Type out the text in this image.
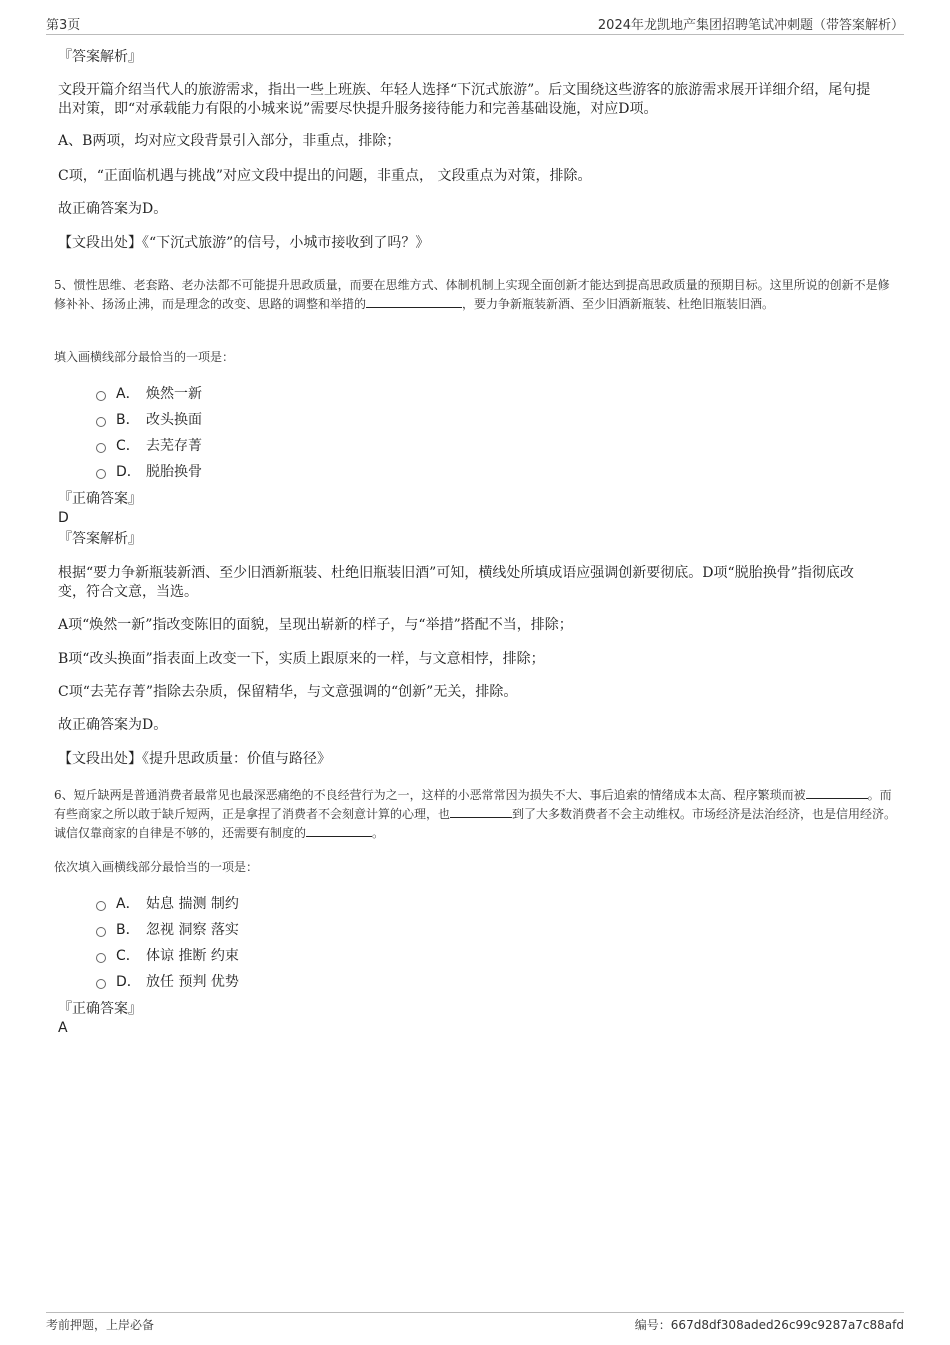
第3页	2024年龙凯地产集团招聘笔试冲刺题（带答案解析）
『答案解析』
文段开篇介绍当代人的旅游需求，指出一些上班族、年轻人选择“下沉式旅游”。后文围绕这些游客的旅游需求展开详细介绍，尾句提出对策，即“对承载能力有限的小城来说”需要尽快提升服务接待能力和完善基础设施，对应D项。
A、B两项，均对应文段背景引入部分，非重点，排除；
C项，“正面临机遇与挑战”对应文段中提出的问题，非重点， 文段重点为对策，排除。
故正确答案为D。
【文段出处】《“下沉式旅游”的信号，小城市接收到了吗？》
5、惯性思维、老套路、老办法都不可能提升思政质量，而要在思维方式、体制机制上实现全面创新才能达到提高思政质量的预期目标。这里所说的创新不是修修补补、扬汤止沸，而是理念的改变、思路的调整和举措的	，要力争新瓶装新酒、至少旧酒新瓶装、杜绝旧瓶装旧酒。
填入画横线部分最恰当的一项是：
A． 焕然一新
B． 改头换面
C． 去芜存菁
D． 脱胎换骨
『正确答案』
D
『答案解析』
根据“要力争新瓶装新酒、至少旧酒新瓶装、杜绝旧瓶装旧酒”可知，横线处所填成语应强调创新要彻底。D项“脱胎换骨”指彻底改变，符合文意，当选。
A项“焕然一新”指改变陈旧的面貌，呈现出崭新的样子，与“举措”搭配不当，排除；
B项“改头换面”指表面上改变一下，实质上跟原来的一样，与文意相悖，排除；
C项“去芜存菁”指除去杂质，保留精华，与文意强调的“创新”无关，排除。
故正确答案为D。
【文段出处】《提升思政质量：价值与路径》
6、短斤缺两是普通消费者最常见也最深恶痛绝的不良经营行为之一，这样的小恶常常因为损失不大、事后追索的情绪成本太高、程序繁琐而被	。而有些商家之所以敢于缺斤短两，正是拿捏了消费者不会刻意计算的心理，也	到了大多数消费者不会主动维权。市场经济是法治经济，也是信用经济。诚信仅靠商家的自律是不够的，还需要有制度的	。
依次填入画横线部分最恰当的一项是：
A． 姑息 揣测 制约
B． 忽视 洞察 落实
C． 体谅 推断 约束
D． 放任 预判 优势
『正确答案』
A
考前押题，上岸必备	编号：667d8df308aded26c99c9287a7c88afd
